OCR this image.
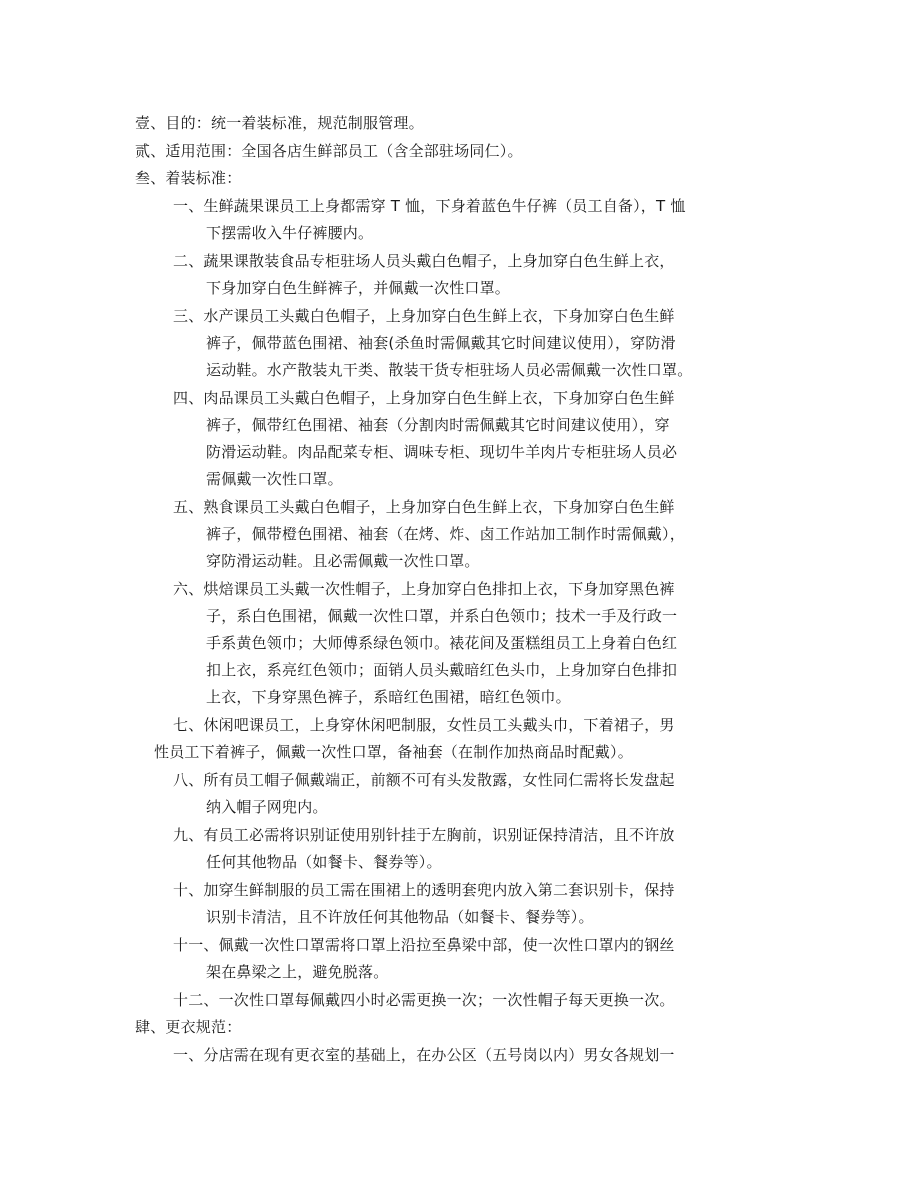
壹、目的：统一着装标准，规范制服管理。
贰、适用范围：全国各店生鲜部员工（含全部驻场同仁）。
叁、着装标准：
一、生鲜蔬果课员工上身都需穿 T 恤，下身着蓝色牛仔裤（员工自备），T 恤
下摆需收入牛仔裤腰内。
二、蔬果课散装食品专柜驻场人员头戴白色帽子，上身加穿白色生鲜上衣，
下身加穿白色生鲜裤子，并佩戴一次性口罩。
三、水产课员工头戴白色帽子，上身加穿白色生鲜上衣，下身加穿白色生鲜
裤子，佩带蓝色围裙、袖套(杀鱼时需佩戴其它时间建议使用），穿防滑
运动鞋。水产散装丸干类、散装干货专柜驻场人员必需佩戴一次性口罩。
四、肉品课员工头戴白色帽子，上身加穿白色生鲜上衣，下身加穿白色生鲜
裤子，佩带红色围裙、袖套（分割肉时需佩戴其它时间建议使用），穿
防滑运动鞋。肉品配菜专柜、调味专柜、现切牛羊肉片专柜驻场人员必
需佩戴一次性口罩。
五、熟食课员工头戴白色帽子，上身加穿白色生鲜上衣，下身加穿白色生鲜
裤子，佩带橙色围裙、袖套（在烤、炸、卤工作站加工制作时需佩戴），
穿防滑运动鞋。且必需佩戴一次性口罩。
六、烘焙课员工头戴一次性帽子，上身加穿白色排扣上衣，下身加穿黑色裤
子，系白色围裙，佩戴一次性口罩，并系白色领巾；技术一手及行政一
手系黄色领巾；大师傅系绿色领巾。裱花间及蛋糕组员工上身着白色红
扣上衣，系亮红色领巾；面销人员头戴暗红色头巾，上身加穿白色排扣
上衣，下身穿黑色裤子，系暗红色围裙，暗红色领巾。
七、休闲吧课员工，上身穿休闲吧制服，女性员工头戴头巾，下着裙子，男
性员工下着裤子，佩戴一次性口罩，备袖套（在制作加热商品时配戴）。
八、所有员工帽子佩戴端正，前额不可有头发散露，女性同仁需将长发盘起
纳入帽子网兜内。
九、有员工必需将识别证使用别针挂于左胸前，识别证保持清洁，且不许放
任何其他物品（如餐卡、餐券等）。
十、加穿生鲜制服的员工需在围裙上的透明套兜内放入第二套识别卡，保持
识别卡清洁，且不许放任何其他物品（如餐卡、餐券等）。
十一、佩戴一次性口罩需将口罩上沿拉至鼻梁中部，使一次性口罩内的钢丝
架在鼻梁之上，避免脱落。
十二、一次性口罩每佩戴四小时必需更换一次；一次性帽子每天更换一次。
肆、更衣规范：
一、分店需在现有更衣室的基础上，在办公区（五号岗以内）男女各规划一
